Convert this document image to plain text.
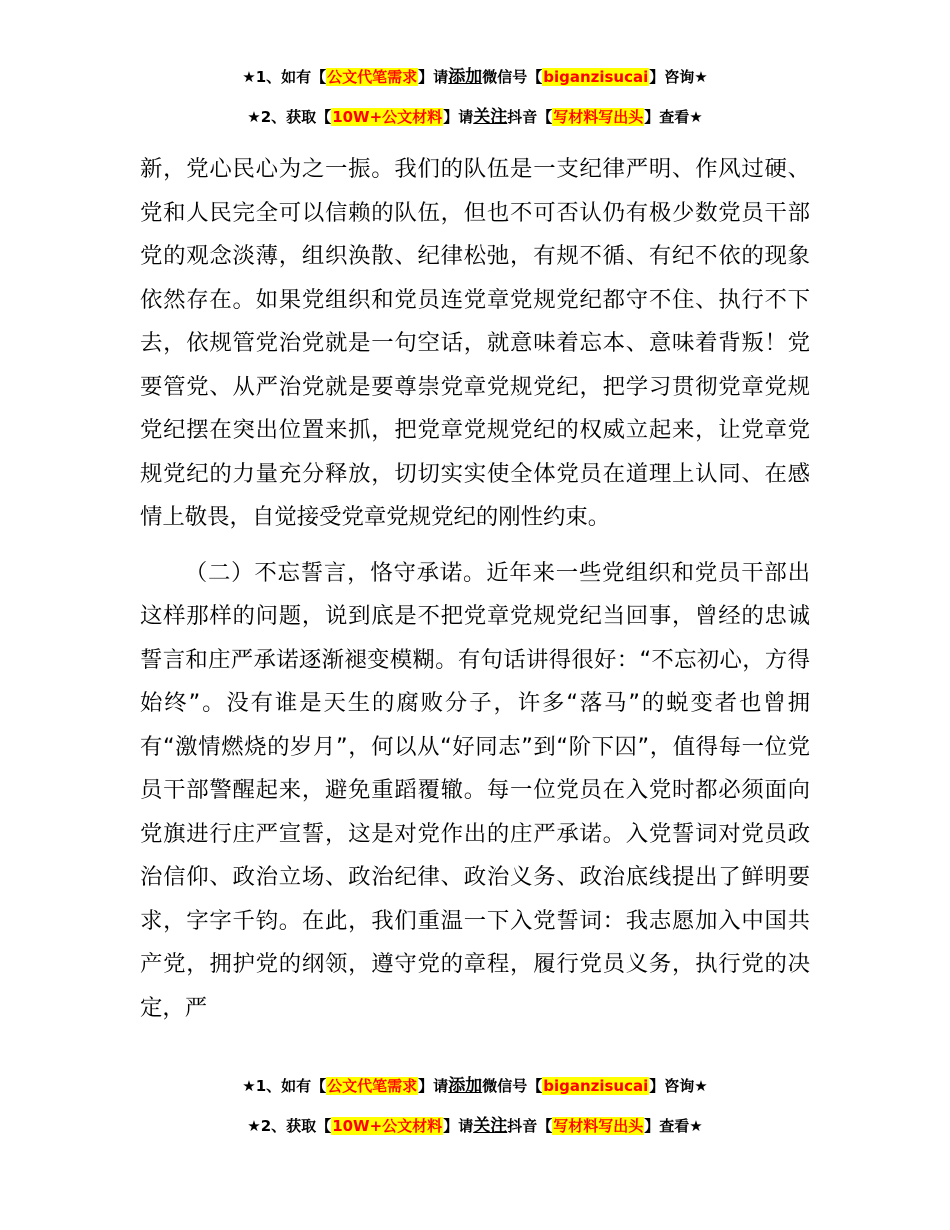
★1、如有【公文代笔需求】请添加微信号【biganzisucai】咨询★
★2、获取【10W+公文材料】请关注抖音【写材料写出头】查看★

新，党心民心为之一振。我们的队伍是一支纪律严明、作风过硬、党和人民完全可以信赖的队伍，但也不可否认仍有极少数党员干部党的观念淡薄，组织涣散、纪律松弛，有规不循、有纪不依的现象依然存在。如果党组织和党员连党章党规党纪都守不住、执行不下去，依规管党治党就是一句空话，就意味着忘本、意味着背叛！党要管党、从严治党就是要尊崇党章党规党纪，把学习贯彻党章党规党纪摆在突出位置来抓，把党章党规党纪的权威立起来，让党章党规党纪的力量充分释放，切切实实使全体党员在道理上认同、在感情上敬畏，自觉接受党章党规党纪的刚性约束。

（二）不忘誓言，恪守承诺。近年来一些党组织和党员干部出这样那样的问题，说到底是不把党章党规党纪当回事，曾经的忠诚誓言和庄严承诺逐渐褪变模糊。有句话讲得很好：“不忘初心，方得始终”。没有谁是天生的腐败分子，许多“落马”的蜕变者也曾拥有“激情燃烧的岁月”，何以从“好同志”到“阶下囚”，值得每一位党员干部警醒起来，避免重蹈覆辙。每一位党员在入党时都必须面向党旗进行庄严宣誓，这是对党作出的庄严承诺。入党誓词对党员政治信仰、政治立场、政治纪律、政治义务、政治底线提出了鲜明要求，字字千钧。在此，我们重温一下入党誓词：我志愿加入中国共产党，拥护党的纲领，遵守党的章程，履行党员义务，执行党的决定，严

★1、如有【公文代笔需求】请添加微信号【biganzisucai】咨询★
★2、获取【10W+公文材料】请关注抖音【写材料写出头】查看★
